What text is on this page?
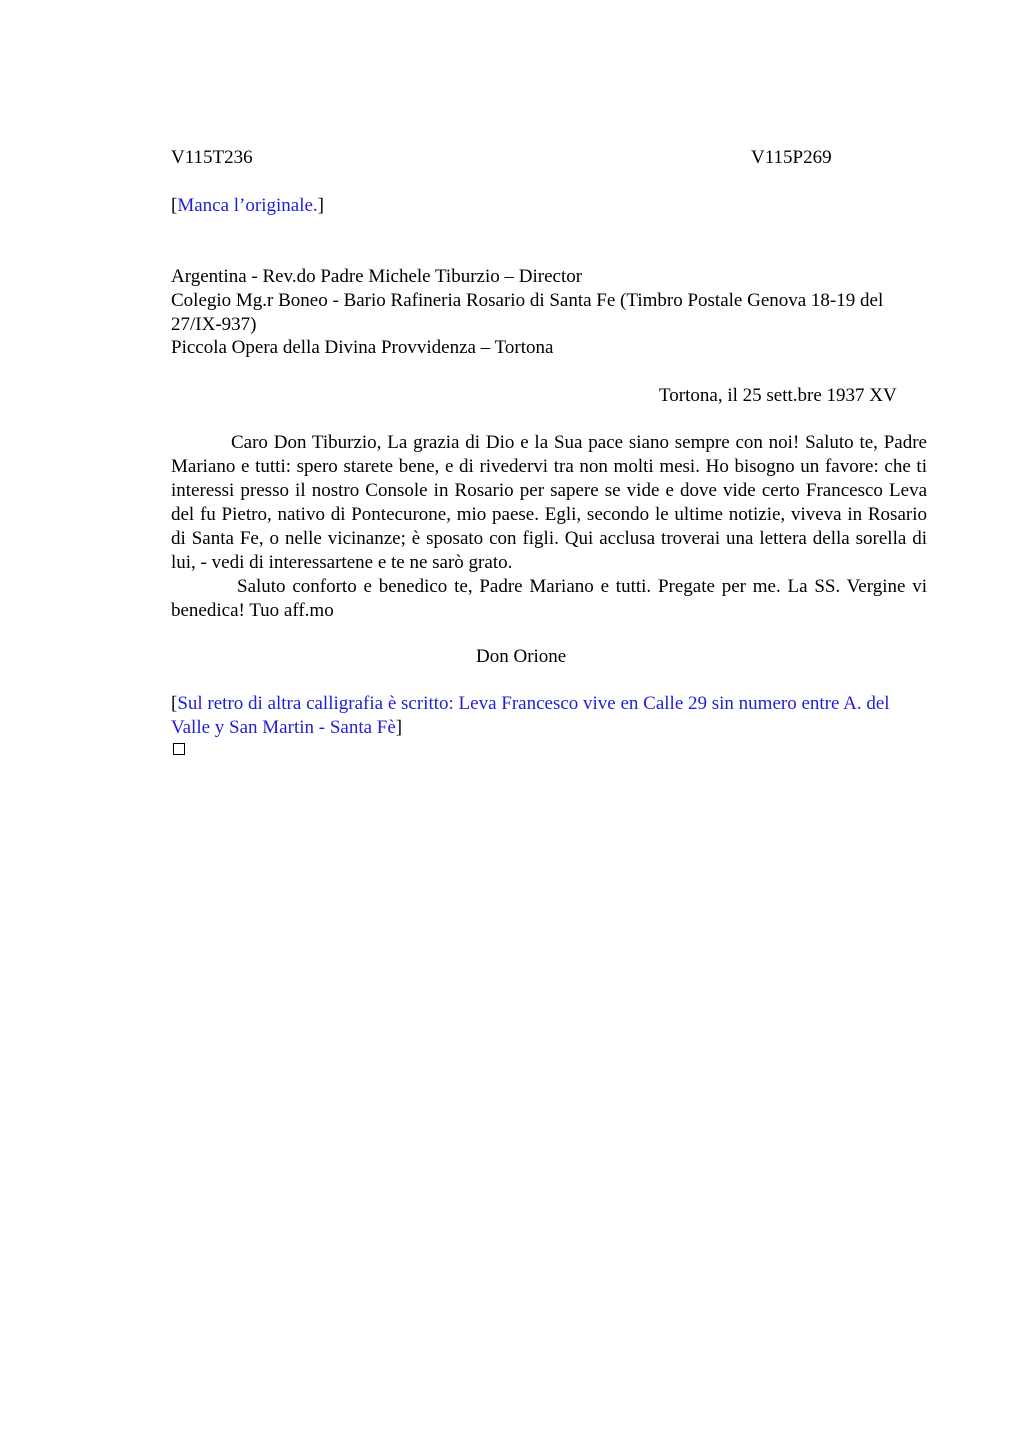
V115T236	V115P269
[Manca l’originale.]
Argentina - Rev.do Padre Michele Tiburzio – Director
Colegio Mg.r Boneo - Bario Rafineria Rosario di Santa Fe (Timbro Postale Genova 18-19 del 27/IX-937)
Piccola Opera della Divina Provvidenza – Tortona
Tortona, il 25 sett.bre 1937 XV
Caro Don Tiburzio, La grazia di Dio e la Sua pace siano sempre con noi! Saluto te, Padre Mariano e tutti: spero starete bene, e di rivedervi tra non molti mesi. Ho bisogno un favore: che ti interessi presso il nostro Console in Rosario per sapere se vide e dove vide certo Francesco Leva del fu Pietro, nativo di Pontecurone, mio paese. Egli, secondo le ultime notizie, viveva in Rosario di Santa Fe, o nelle vicinanze; è sposato con figli. Qui acclusa troverai una lettera della sorella di lui, - vedi di interessartene e te ne sarò grato.
Saluto conforto e benedico te, Padre Mariano e tutti. Pregate per me. La SS. Vergine vi benedica! Tuo aff.mo
Don Orione
[Sul retro di altra calligrafia è scritto: Leva Francesco vive en Calle 29 sin numero entre A. del Valle y San Martin - Santa Fè]
